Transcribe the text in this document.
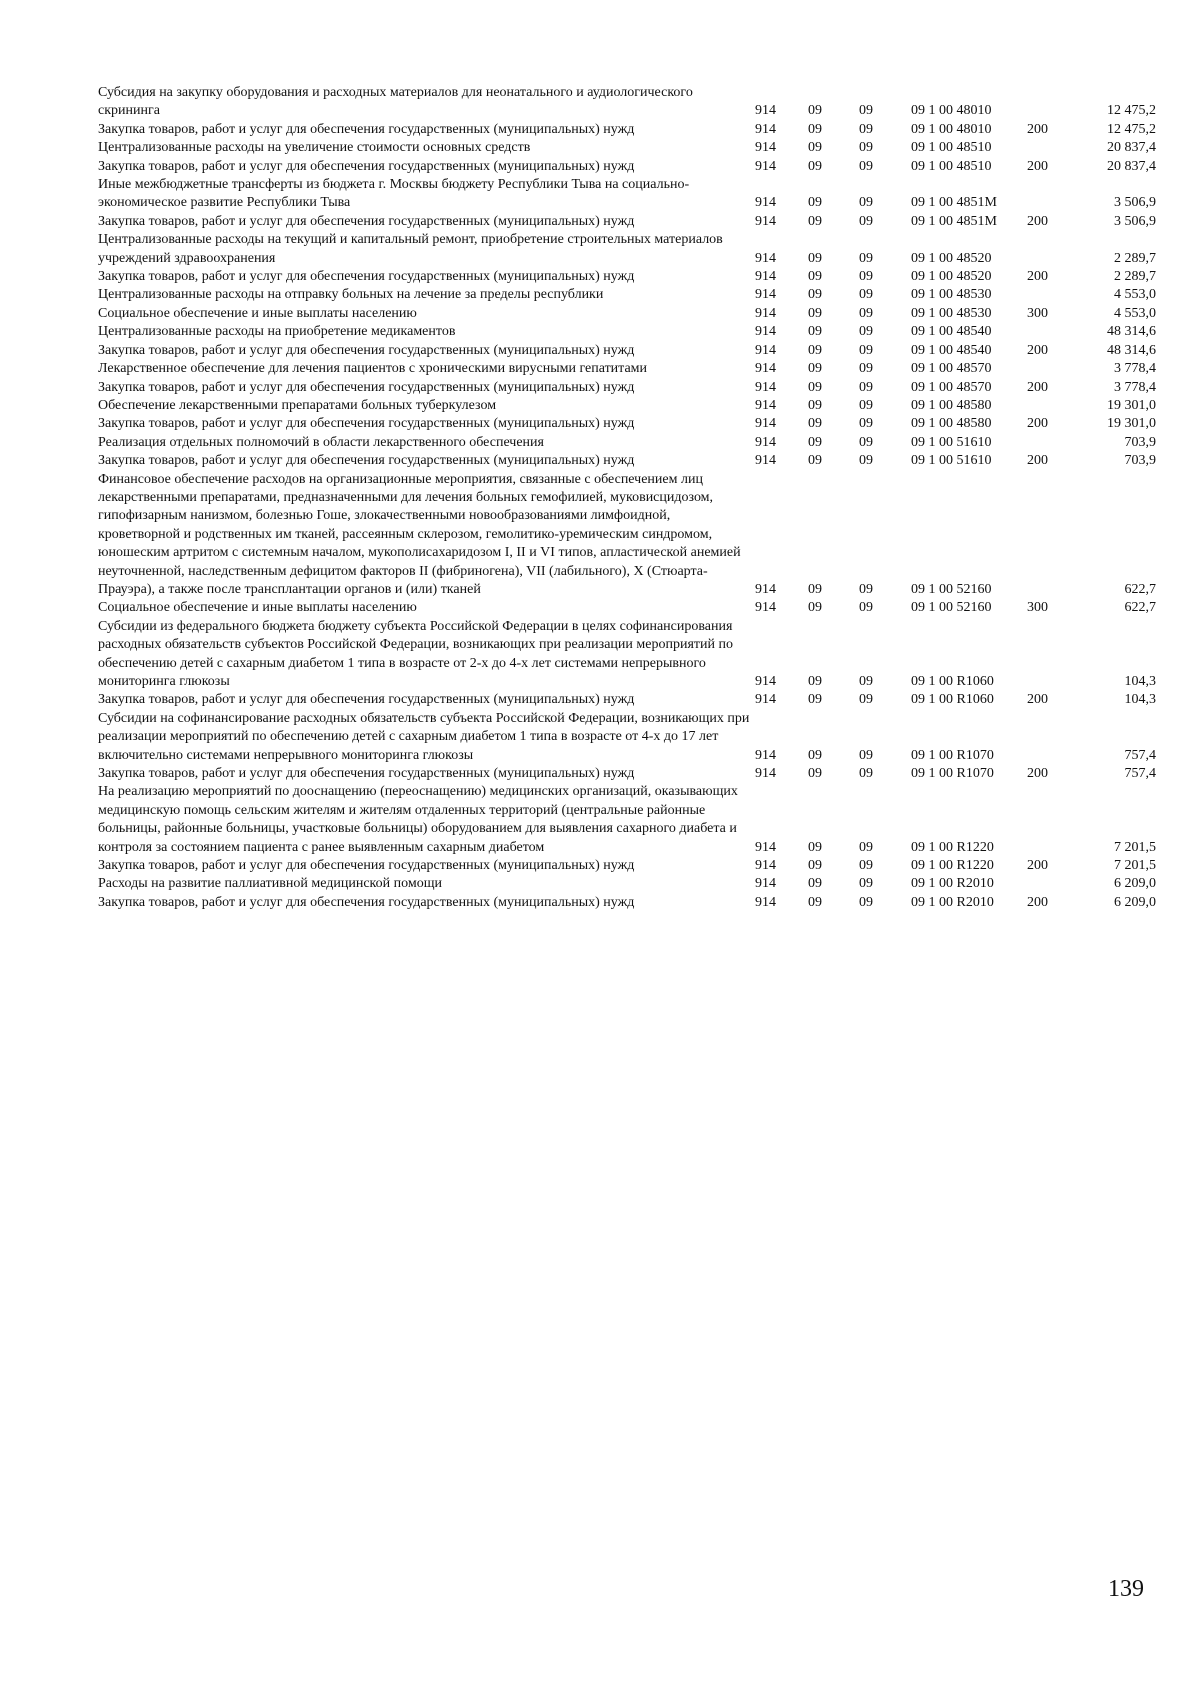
Субсидия на закупку оборудования и расходных материалов для неонатального и аудиологического скрининга	914	09	09	09 1 00 48010		12 475,2
Закупка товаров, работ и услуг для обеспечения государственных (муниципальных) нужд	914	09	09	09 1 00 48010	200	12 475,2
Централизованные расходы на увеличение стоимости основных средств	914	09	09	09 1 00 48510		20 837,4
Закупка товаров, работ и услуг для обеспечения государственных (муниципальных) нужд	914	09	09	09 1 00 48510	200	20 837,4
Иные межбюджетные трансферты из бюджета г. Москвы бюджету Республики Тыва на социально-экономическое развитие Республики Тыва	914	09	09	09 1 00 4851M		3 506,9
Закупка товаров, работ и услуг для обеспечения государственных (муниципальных) нужд	914	09	09	09 1 00 4851M	200	3 506,9
Централизованные расходы на текущий и капитальный ремонт, приобретение строительных материалов учреждений здравоохранения	914	09	09	09 1 00 48520		2 289,7
Закупка товаров, работ и услуг для обеспечения государственных (муниципальных) нужд	914	09	09	09 1 00 48520	200	2 289,7
Централизованные расходы на отправку больных на лечение за пределы республики	914	09	09	09 1 00 48530		4 553,0
Социальное обеспечение и иные выплаты населению	914	09	09	09 1 00 48530	300	4 553,0
Централизованные расходы на приобретение медикаментов	914	09	09	09 1 00 48540		48 314,6
Закупка товаров, работ и услуг для обеспечения государственных (муниципальных) нужд	914	09	09	09 1 00 48540	200	48 314,6
Лекарственное обеспечение для лечения пациентов с хроническими вирусными гепатитами	914	09	09	09 1 00 48570		3 778,4
Закупка товаров, работ и услуг для обеспечения государственных (муниципальных) нужд	914	09	09	09 1 00 48570	200	3 778,4
Обеспечение лекарственными препаратами больных туберкулезом	914	09	09	09 1 00 48580		19 301,0
Закупка товаров, работ и услуг для обеспечения государственных (муниципальных) нужд	914	09	09	09 1 00 48580	200	19 301,0
Реализация отдельных полномочий в области лекарственного обеспечения	914	09	09	09 1 00 51610		703,9
Закупка товаров, работ и услуг для обеспечения государственных (муниципальных) нужд	914	09	09	09 1 00 51610	200	703,9
Финансовое обеспечение расходов на организационные мероприятия, связанные с обеспечением лиц лекарственными препаратами, предназначенными для лечения больных гемофилией, муковисцидозом, гипофизарным нанизмом, болезнью Гоше, злокачественными новообразованиями лимфоидной, кроветворной и родственных им тканей, рассеянным склерозом, гемолитико-уремическим синдромом, юношеским артритом с системным началом, мукополисахаридозом I, II и VI типов, апластической анемией неуточненной, наследственным дефицитом факторов II (фибриногена), VII (лабильного), X (Стюарта-Прауэра), а также после трансплантации органов и (или) тканей	914	09	09	09 1 00 52160		622,7
Социальное обеспечение и иные выплаты населению	914	09	09	09 1 00 52160	300	622,7
Субсидии из федерального бюджета бюджету субъекта Российской Федерации в целях софинансирования расходных обязательств субъектов Российской Федерации, возникающих при реализации мероприятий по обеспечению детей с сахарным диабетом 1 типа в возрасте от 2-х до 4-х лет системами непрерывного мониторинга глюкозы	914	09	09	09 1 00 R1060		104,3
Закупка товаров, работ и услуг для обеспечения государственных (муниципальных) нужд	914	09	09	09 1 00 R1060	200	104,3
Субсидии на софинансирование расходных обязательств субъекта Российской Федерации, возникающих при реализации мероприятий по обеспечению детей с сахарным диабетом 1 типа в возрасте от 4-х до 17 лет включительно системами непрерывного мониторинга глюкозы	914	09	09	09 1 00 R1070		757,4
Закупка товаров, работ и услуг для обеспечения государственных (муниципальных) нужд	914	09	09	09 1 00 R1070	200	757,4
На реализацию мероприятий по дооснащению (переоснащению) медицинских организаций, оказывающих медицинскую помощь сельским жителям и жителям отдаленных территорий (центральные районные больницы, районные больницы, участковые больницы) оборудованием для выявления сахарного диабета и контроля за состоянием пациента с ранее выявленным сахарным диабетом	914	09	09	09 1 00 R1220		7 201,5
Закупка товаров, работ и услуг для обеспечения государственных (муниципальных) нужд	914	09	09	09 1 00 R1220	200	7 201,5
Расходы на развитие паллиативной медицинской помощи	914	09	09	09 1 00 R2010		6 209,0
Закупка товаров, работ и услуг для обеспечения государственных (муниципальных) нужд	914	09	09	09 1 00 R2010	200	6 209,0
139
